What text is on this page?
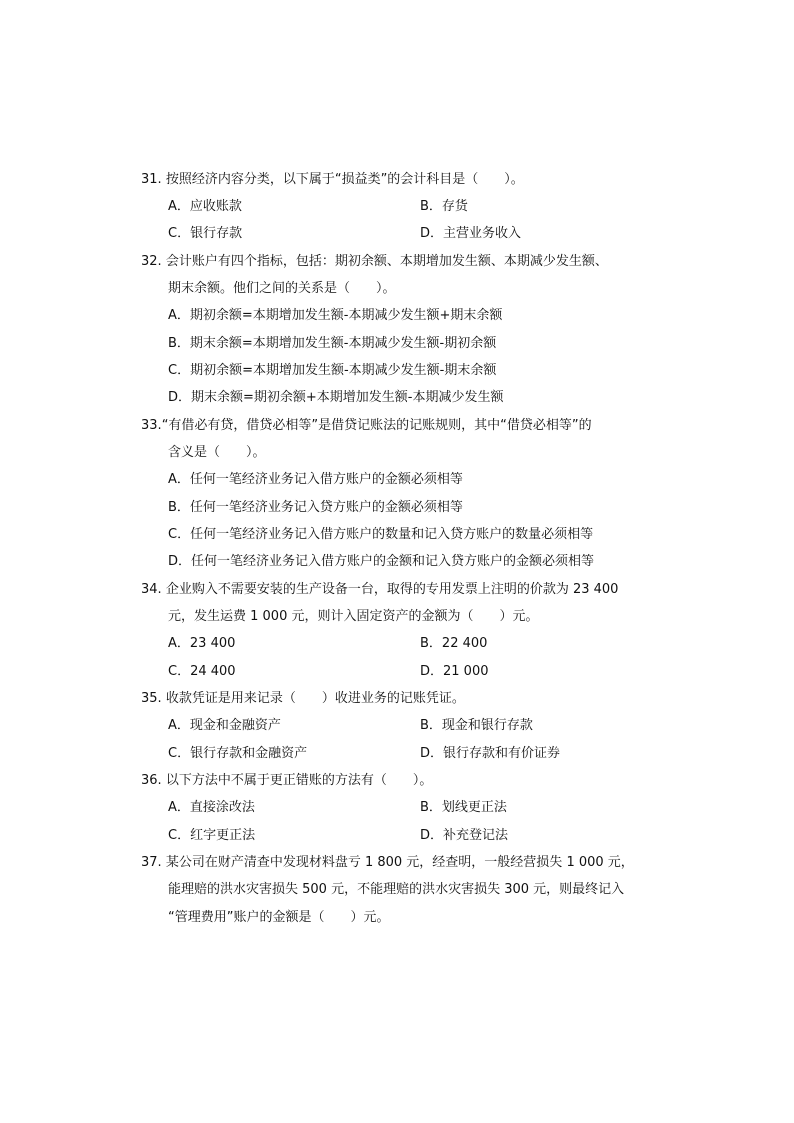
31. 按照经济内容分类，以下属于“损益类”的会计科目是（　　）。
A．应收账款	B．存货
C．银行存款	D．主营业务收入
32. 会计账户有四个指标，包括：期初余额、本期增加发生额、本期减少发生额、
期末余额。他们之间的关系是（　　）。
A．期初余额=本期增加发生额-本期减少发生额+期末余额
B．期末余额=本期增加发生额-本期减少发生额-期初余额
C．期初余额=本期增加发生额-本期减少发生额-期末余额
D．期末余额=期初余额+本期增加发生额-本期减少发生额
33.“有借必有贷，借贷必相等”是借贷记账法的记账规则，其中“借贷必相等”的
含义是（　　）。
A．任何一笔经济业务记入借方账户的金额必须相等
B．任何一笔经济业务记入贷方账户的金额必须相等
C．任何一笔经济业务记入借方账户的数量和记入贷方账户的数量必须相等
D．任何一笔经济业务记入借方账户的金额和记入贷方账户的金额必须相等
34. 企业购入不需要安装的生产设备一台，取得的专用发票上注明的价款为 23 400
元，发生运费 1 000 元，则计入固定资产的金额为（　　）元。
A．23 400	B．22 400
C．24 400	D．21 000
35. 收款凭证是用来记录（　　）收进业务的记账凭证。
A．现金和金融资产	B．现金和银行存款
C．银行存款和金融资产	D．银行存款和有价证券
36. 以下方法中不属于更正错账的方法有（　　）。
A．直接涂改法	B．划线更正法
C．红字更正法	D．补充登记法
37. 某公司在财产清查中发现材料盘亏 1 800 元，经查明，一般经营损失 1 000 元，
能理赔的洪水灾害损失 500 元，不能理赔的洪水灾害损失 300 元，则最终记入
“管理费用”账户的金额是（　　）元。
